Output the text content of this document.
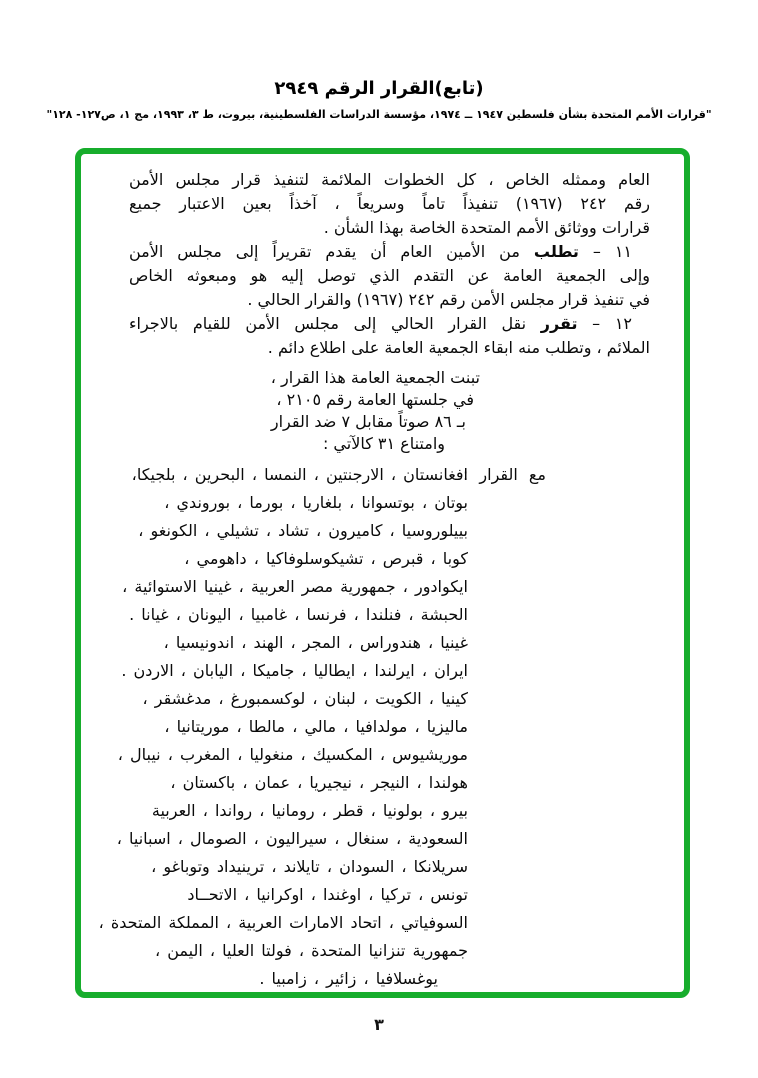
(تابع)القرار الرقم ٢٩٤٩
"قرارات الأمم المتحدة بشأن فلسطين ١٩٤٧ ــ ١٩٧٤، مؤسسة الدراسات الفلسطينية، بيروت، ط ٣، ١٩٩٣، مج ١، ص١٢٧- ١٢٨"
العام وممثله الخاص ، كل الخطوات الملائمة لتنفيذ قرار مجلس الأمن
رقم ٢٤٢ (١٩٦٧) تنفيذاً تاماً وسريعاً ، آخذاً بعين الاعتبار جميع
قرارات ووثائق الأمم المتحدة الخاصة بهذا الشأن .
١١ – تطلب من الأمين العام أن يقدم تقريراً إلى مجلس الأمن
وإلى الجمعية العامة عن التقدم الذي توصل إليه هو ومبعوثه الخاص
في تنفيذ قرار مجلس الأمن رقم ٢٤٢ (١٩٦٧) والقرار الحالي .
١٢ – تقرر نقل القرار الحالي إلى مجلس الأمن للقيام بالاجراء
الملائم ، وتطلب منه ابقاء الجمعية العامة على اطلاع دائم .
تبنت الجمعية العامة هذا القرار ،
في جلستها العامة رقم ٢١٠٥ ،
بـ ٨٦ صوتاً مقابل ٧ ضد القرار
وامتناع ٣١ كالآتي :
مع القرار :
افغانستان ، الارجنتين ، النمسا ، البحرين ، بلجيكا،
بوتان ، بوتسوانا ، بلغاريا ، بورما ، بوروندي ،
بييلوروسيا ، كاميرون ، تشاد ، تشيلي ، الكونغو ،
كوبا ، قبرص ، تشيكوسلوفاكيا ، داهومي ،
ايكوادور ، جمهورية مصر العربية ، غينيا الاستوائية ،
الحبشة ، فنلندا ، فرنسا ، غامبيا ، اليونان ، غيانا .
غينيا ، هندوراس ، المجر ، الهند ، اندونيسيا ،
ايران ، ايرلندا ، ايطاليا ، جاميكا ، اليابان ، الاردن .
كينيا ، الكويت ، لبنان ، لوكسمبورغ ، مدغشقر ،
ماليزيا ، مولدافيا ، مالي ، مالطا ، موريتانيا ،
موريشيوس ، المكسيك ، منغوليا ، المغرب ، نيبال ،
هولندا ، النيجر ، نيجيريا ، عمان ، باكستان ،
بيرو ، بولونيا ، قطر ، رومانيا ، رواندا ، العربية
السعودية ، سنغال ، سيراليون ، الصومال ، اسبانيا ،
سريلانكا ، السودان ، تايلاند ، ترينيداد وتوباغو ،
تونس ، تركيا ، اوغندا ، اوكرانيا ، الاتحــاد
السوفياتي ، اتحاد الامارات العربية ، المملكة المتحدة ،
جمهورية تنزانيا المتحدة ، فولتا العليا ، اليمن ،
يوغسلافيا ، زائير ، زامبيا .
٣
